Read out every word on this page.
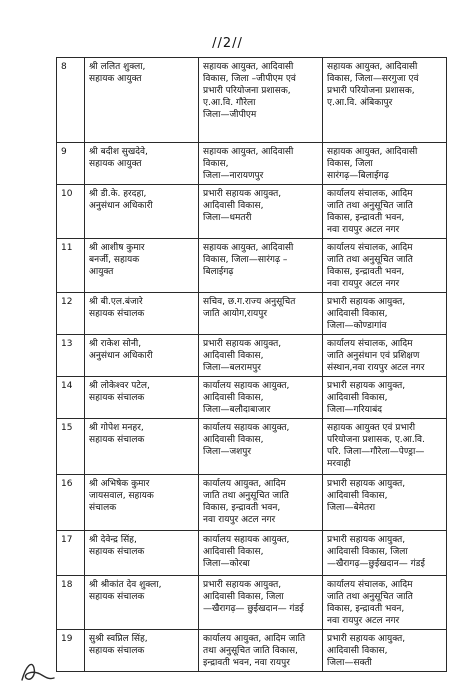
//2//
8	श्री ललित शुक्ला,
सहायक आयुक्त	सहायक आयुक्त, आदिवासी
विकास, जिला –जीपीएम एवं
प्रभारी परियोजना प्रशासक,
ए.आ.वि. गौरेला
जिला—जीपीएम	सहायक आयुक्त, आदिवासी
विकास, जिला—सरगुजा एवं
प्रभारी परियोजना प्रशासक,
ए.आ.वि. अंबिकापुर

9	श्री बदीश सुखदेवे,
सहायक आयुक्त	सहायक आयुक्त, आदिवासी
विकास,
जिला—नारायणपुर	सहायक आयुक्त, आदिवासी
विकास, जिला
सारंगढ़—बिलाईगढ़

10	श्री डी.के. हरदहा,
अनुसंधान अधिकारी	प्रभारी सहायक आयुक्त,
आदिवासी विकास,
जिला—धमतरी	कार्यालय संचालक, आदिम
जाति तथा अनुसूचित जाति
विकास, इन्द्रावती भवन,
नवा रायपुर अटल नगर

11	श्री आशीष कुमार
बनर्जी, सहायक
आयुक्त	सहायक आयुक्त, आदिवासी
विकास, जिला—सारंगढ़ –
बिलाईगढ़	कार्यालय संचालक, आदिम
जाति तथा अनुसूचित जाति
विकास, इन्द्रावती भवन,
नवा रायपुर अटल नगर

12	श्री बी.एल.बंजारे
सहायक संचालक	सचिव, छ.ग.राज्य अनुसूचित
जाति आयोग,रायपुर	प्रभारी सहायक आयुक्त,
आदिवासी विकास,
जिला—कोण्डागांव

13	श्री राकेश सोनी,
अनुसंधान अधिकारी	प्रभारी सहायक आयुक्त,
आदिवासी विकास,
जिला—बलरामपुर	कार्यालय संचालक, आदिम
जाति अनुसंधान एवं प्रशिक्षण
संस्थान,नवा रायपुर अटल नगर

14	श्री लोकेश्वर पटेल,
सहायक संचालक	कार्यालय सहायक आयुक्त,
आदिवासी विकास,
जिला—बलौदाबाजार	प्रभारी सहायक आयुक्त,
आदिवासी विकास,
जिला—गरियाबंद

15	श्री गोपेश मनहर,
सहायक संचालक	कार्यालय सहायक आयुक्त,
आदिवासी विकास,
जिला—जशपुर	सहायक आयुक्त एवं प्रभारी
परियोजना प्रशासक, ए.आ.वि.
परि. जिला—गौरेला—पेण्ड्रा—
मरवाही

16	श्री अभिषेक कुमार
जायसवाल, सहायक
संचालक	कार्यालय आयुक्त, आदिम
जाति तथा अनुसूचित जाति
विकास, इन्द्रावती भवन,
नवा रायपुर अटल नगर	प्रभारी सहायक आयुक्त,
आदिवासी विकास,
जिला—बेमेतरा

17	श्री देवेन्द्र सिंह,
सहायक संचालक	कार्यालय सहायक आयुक्त,
आदिवासी विकास,
जिला—कोरबा	प्रभारी सहायक आयुक्त,
आदिवासी विकास, जिला
—खैरागढ़—छुईखदान— गंडई

18	श्री श्रीकांत देव शुक्ला,
सहायक संचालक	प्रभारी सहायक आयुक्त,
आदिवासी विकास, जिला
—खैरागढ़— छुईखदान— गंडई	कार्यालय संचालक, आदिम
जाति तथा अनुसूचित जाति
विकास, इन्द्रावती भवन,
नवा रायपुर अटल नगर

19	सुश्री स्वप्निल सिंह,
सहायक संचालक	कार्यालय आयुक्त, आदिम जाति
तथा अनुसूचित जाति विकास,
इन्द्रावती भवन, नवा रायपुर	प्रभारी सहायक आयुक्त,
आदिवासी विकास,
जिला—सक्ती
